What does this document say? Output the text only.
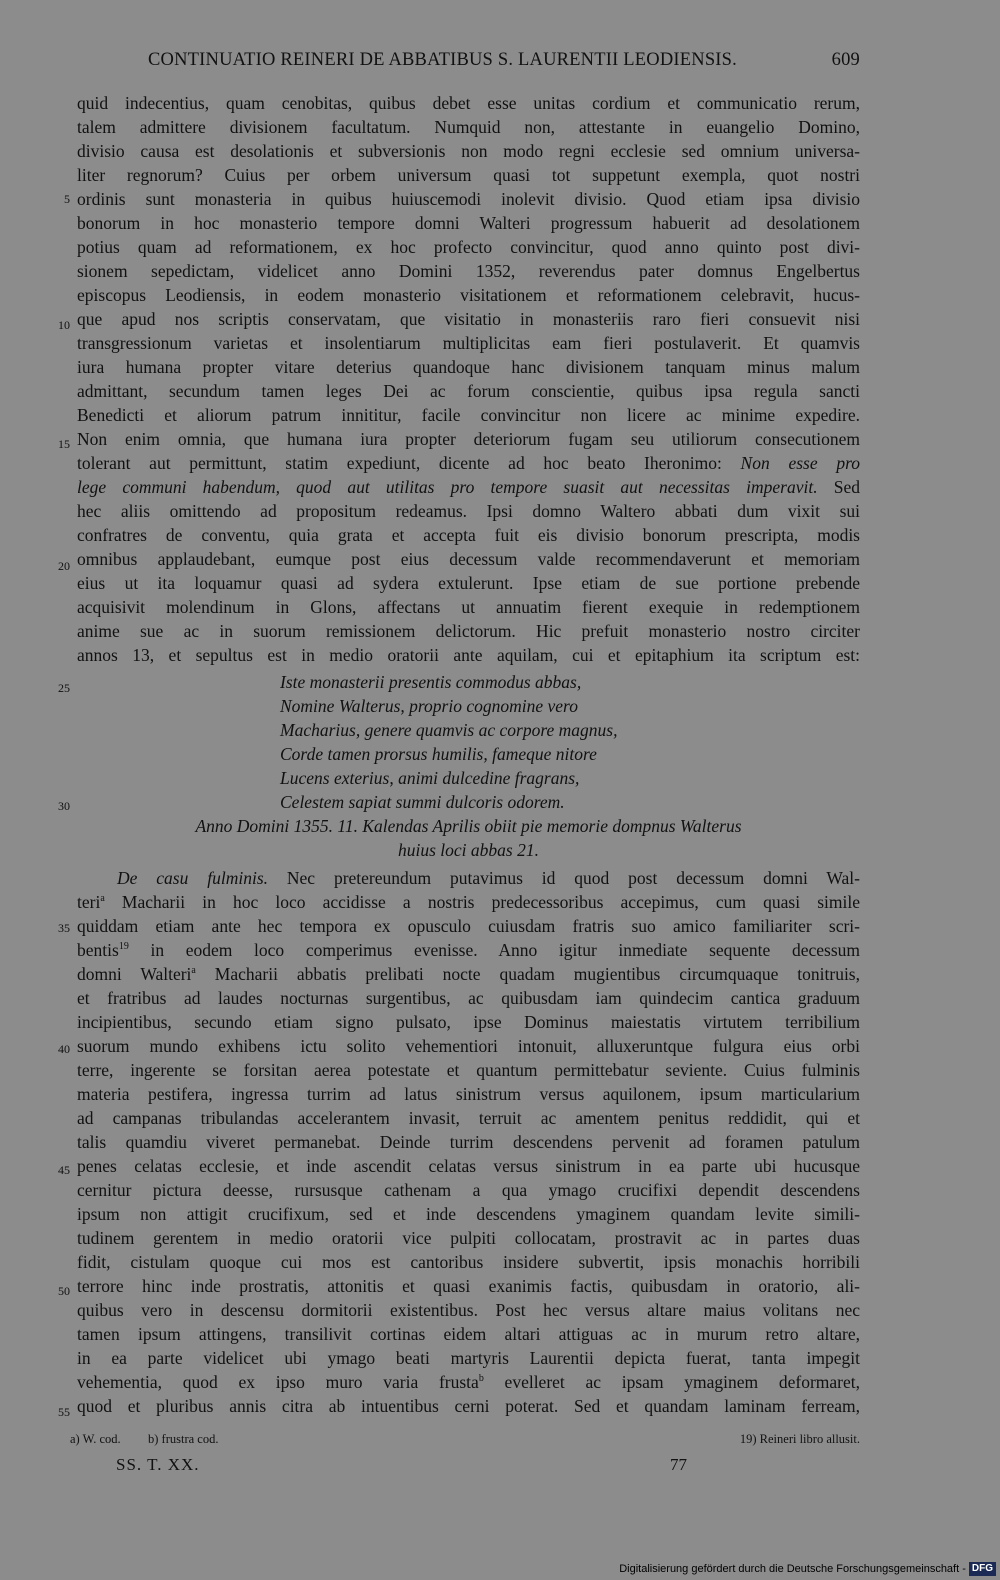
CONTINUATIO REINERI DE ABBATIBUS S. LAURENTII LEODIENSIS.	609
5
10
15
20
25
30
35
40
45
50
55
quid indecentius, quam cenobitas, quibus debet esse unitas cordium et communicatio rerum,
talem admittere divisionem facultatum. Numquid non, attestante in euangelio Domino,
divisio causa est desolationis et subversionis non modo regni ecclesie sed omnium universa-
liter regnorum? Cuius per orbem universum quasi tot suppetunt exempla, quot nostri
ordinis sunt monasteria in quibus huiuscemodi inolevit divisio. Quod etiam ipsa divisio
bonorum in hoc monasterio tempore domni Walteri progressum habuerit ad desolationem
potius quam ad reformationem, ex hoc profecto convincitur, quod anno quinto post divi-
sionem sepedictam, videlicet anno Domini 1352, reverendus pater domnus Engelbertus
episcopus Leodiensis, in eodem monasterio visitationem et reformationem celebravit, hucus-
que apud nos scriptis conservatam, que visitatio in monasteriis raro fieri consuevit nisi
transgressionum varietas et insolentiarum multiplicitas eam fieri postulaverit. Et quamvis
iura humana propter vitare deterius quandoque hanc divisionem tanquam minus malum
admittant, secundum tamen leges Dei ac forum conscientie, quibus ipsa regula sancti
Benedicti et aliorum patrum innititur, facile convincitur non licere ac minime expedire.
Non enim omnia, que humana iura propter deteriorum fugam seu utiliorum consecutionem
tolerant aut permittunt, statim expediunt, dicente ad hoc beato Iheronimo: Non esse pro
lege communi habendum, quod aut utilitas pro tempore suasit aut necessitas imperavit. Sed
hec aliis omittendo ad propositum redeamus. Ipsi domno Waltero abbati dum vixit sui
confratres de conventu, quia grata et accepta fuit eis divisio bonorum prescripta, modis
omnibus applaudebant, eumque post eius decessum valde recommendaverunt et memoriam
eius ut ita loquamur quasi ad sydera extulerunt. Ipse etiam de sue portione prebende
acquisivit molendinum in Glons, affectans ut annuatim fierent exequie in redemptionem
anime sue ac in suorum remissionem delictorum. Hic prefuit monasterio nostro circiter
annos 13, et sepultus est in medio oratorii ante aquilam, cui et epitaphium ita scriptum est:
Iste monasterii presentis commodus abbas,
Nomine Walterus, proprio cognomine vero
Macharius, genere quamvis ac corpore magnus,
Corde tamen prorsus humilis, fameque nitore
Lucens exterius, animi dulcedine fragrans,
Celestem sapiat summi dulcoris odorem.
Anno Domini 1355. 11. Kalendas Aprilis obiit pie memorie dompnus Walterus
huius loci abbas 21.
De casu fulminis. Nec pretereundum putavimus id quod post decessum domni Wal-
teri$^a$ Macharii in hoc loco accidisse a nostris predecessoribus accepimus, cum quasi simile
quiddam etiam ante hec tempora ex opusculo cuiusdam fratris suo amico familiariter scri-
bentis$^{19}$ in eodem loco comperimus evenisse. Anno igitur inmediate sequente decessum
domni Walteri$^a$ Macharii abbatis prelibati nocte quadam mugientibus circumquaque tonitruis,
et fratribus ad laudes nocturnas surgentibus, ac quibusdam iam quindecim cantica graduum
incipientibus, secundo etiam signo pulsato, ipse Dominus maiestatis virtutem terribilium
suorum mundo exhibens ictu solito vehementiori intonuit, alluxeruntque fulgura eius orbi
terre, ingerente se forsitan aerea potestate et quantum permittebatur seviente. Cuius fulminis
materia pestifera, ingressa turrim ad latus sinistrum versus aquilonem, ipsum marticularium
ad campanas tribulandas accelerantem invasit, terruit ac amentem penitus reddidit, qui et
talis quamdiu viveret permanebat. Deinde turrim descendens pervenit ad foramen patulum
penes celatas ecclesie, et inde ascendit celatas versus sinistrum in ea parte ubi hucusque
cernitur pictura deesse, rursusque cathenam a qua ymago crucifixi dependit descendens
ipsum non attigit crucifixum, sed et inde descendens ymaginem quandam levite simili-
tudinem gerentem in medio oratorii vice pulpiti collocatam, prostravit ac in partes duas
fidit, cistulam quoque cui mos est cantoribus insidere subvertit, ipsis monachis horribili
terrore hinc inde prostratis, attonitis et quasi exanimis factis, quibusdam in oratorio, ali-
quibus vero in descensu dormitorii existentibus. Post hec versus altare maius volitans nec
tamen ipsum attingens, transilivit cortinas eidem altari attiguas ac in murum retro altare,
in ea parte videlicet ubi ymago beati martyris Laurentii depicta fuerat, tanta impegit
vehementia, quod ex ipso muro varia frusta$^b$ evelleret ac ipsam ymaginem deformaret,
quod et pluribus annis citra ab intuentibus cerni poterat. Sed et quandam laminam ferream,
a) W. cod. b) frustra cod.	19) Reineri libro allusit.
SS. T. XX.	77
Digitalisierung gefördert durch die Deutsche Forschungsgemeinschaft - DFG
